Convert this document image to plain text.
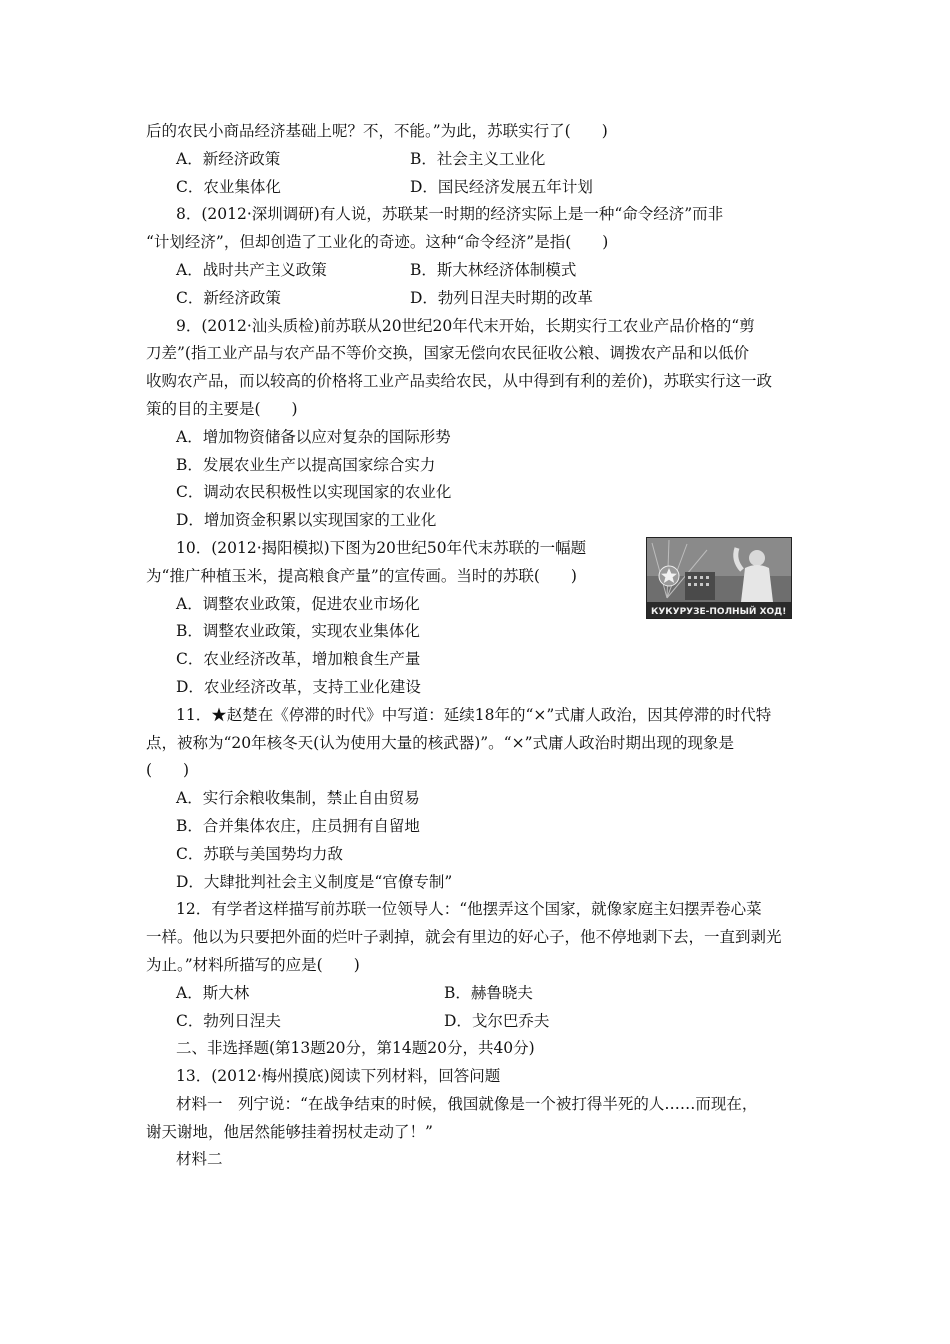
后的农民小商品经济基础上呢？不，不能。”为此，苏联实行了(　　)
A．新经济政策	B．社会主义工业化
C．农业集体化	D．国民经济发展五年计划
8．(2012·深圳调研)有人说，苏联某一时期的经济实际上是一种“命令经济”而非
“计划经济”，但却创造了工业化的奇迹。这种“命令经济”是指(　　)
A．战时共产主义政策	B．斯大林经济体制模式
C．新经济政策	D．勃列日涅夫时期的改革
9．(2012·汕头质检)前苏联从20世纪20年代末开始，长期实行工农业产品价格的“剪
刀差”(指工业产品与农产品不等价交换，国家无偿向农民征收公粮、调拨农产品和以低价
收购农产品，而以较高的价格将工业产品卖给农民，从中得到有利的差价)，苏联实行这一政
策的目的主要是(　　)
A．增加物资储备以应对复杂的国际形势
B．发展农业生产以提高国家综合实力
C．调动农民积极性以实现国家的农业化
D．增加资金积累以实现国家的工业化
10．(2012·揭阳模拟)下图为20世纪50年代末苏联的一幅题
为“推广种植玉米，提高粮食产量”的宣传画。当时的苏联(　　)
A．调整农业政策，促进农业市场化
B．调整农业政策，实现农业集体化
C．农业经济改革，增加粮食生产量
D．农业经济改革，支持工业化建设
11．★赵楚在《停滞的时代》中写道：延续18年的“×”式庸人政治，因其停滞的时代特
点，被称为“20年核冬天(认为使用大量的核武器)”。“×”式庸人政治时期出现的现象是
(　　)
A．实行余粮收集制，禁止自由贸易
B．合并集体农庄，庄员拥有自留地
C．苏联与美国势均力敌
D．大肆批判社会主义制度是“官僚专制”
12．有学者这样描写前苏联一位领导人：“他摆弄这个国家，就像家庭主妇摆弄卷心菜
一样。他以为只要把外面的烂叶子剥掉，就会有里边的好心子，他不停地剥下去，一直到剥光
为止。”材料所描写的应是(　　)
A．斯大林	B．赫鲁晓夫
C．勃列日涅夫	D．戈尔巴乔夫
二、非选择题(第13题20分，第14题20分，共40分)
13．(2012·梅州摸底)阅读下列材料，回答问题
材料一　列宁说：“在战争结束的时候，俄国就像是一个被打得半死的人……而现在，
谢天谢地，他居然能够挂着拐杖走动了！”
材料二
КУКУРУЗЕ-ПОЛНЫЙ ХОД!
